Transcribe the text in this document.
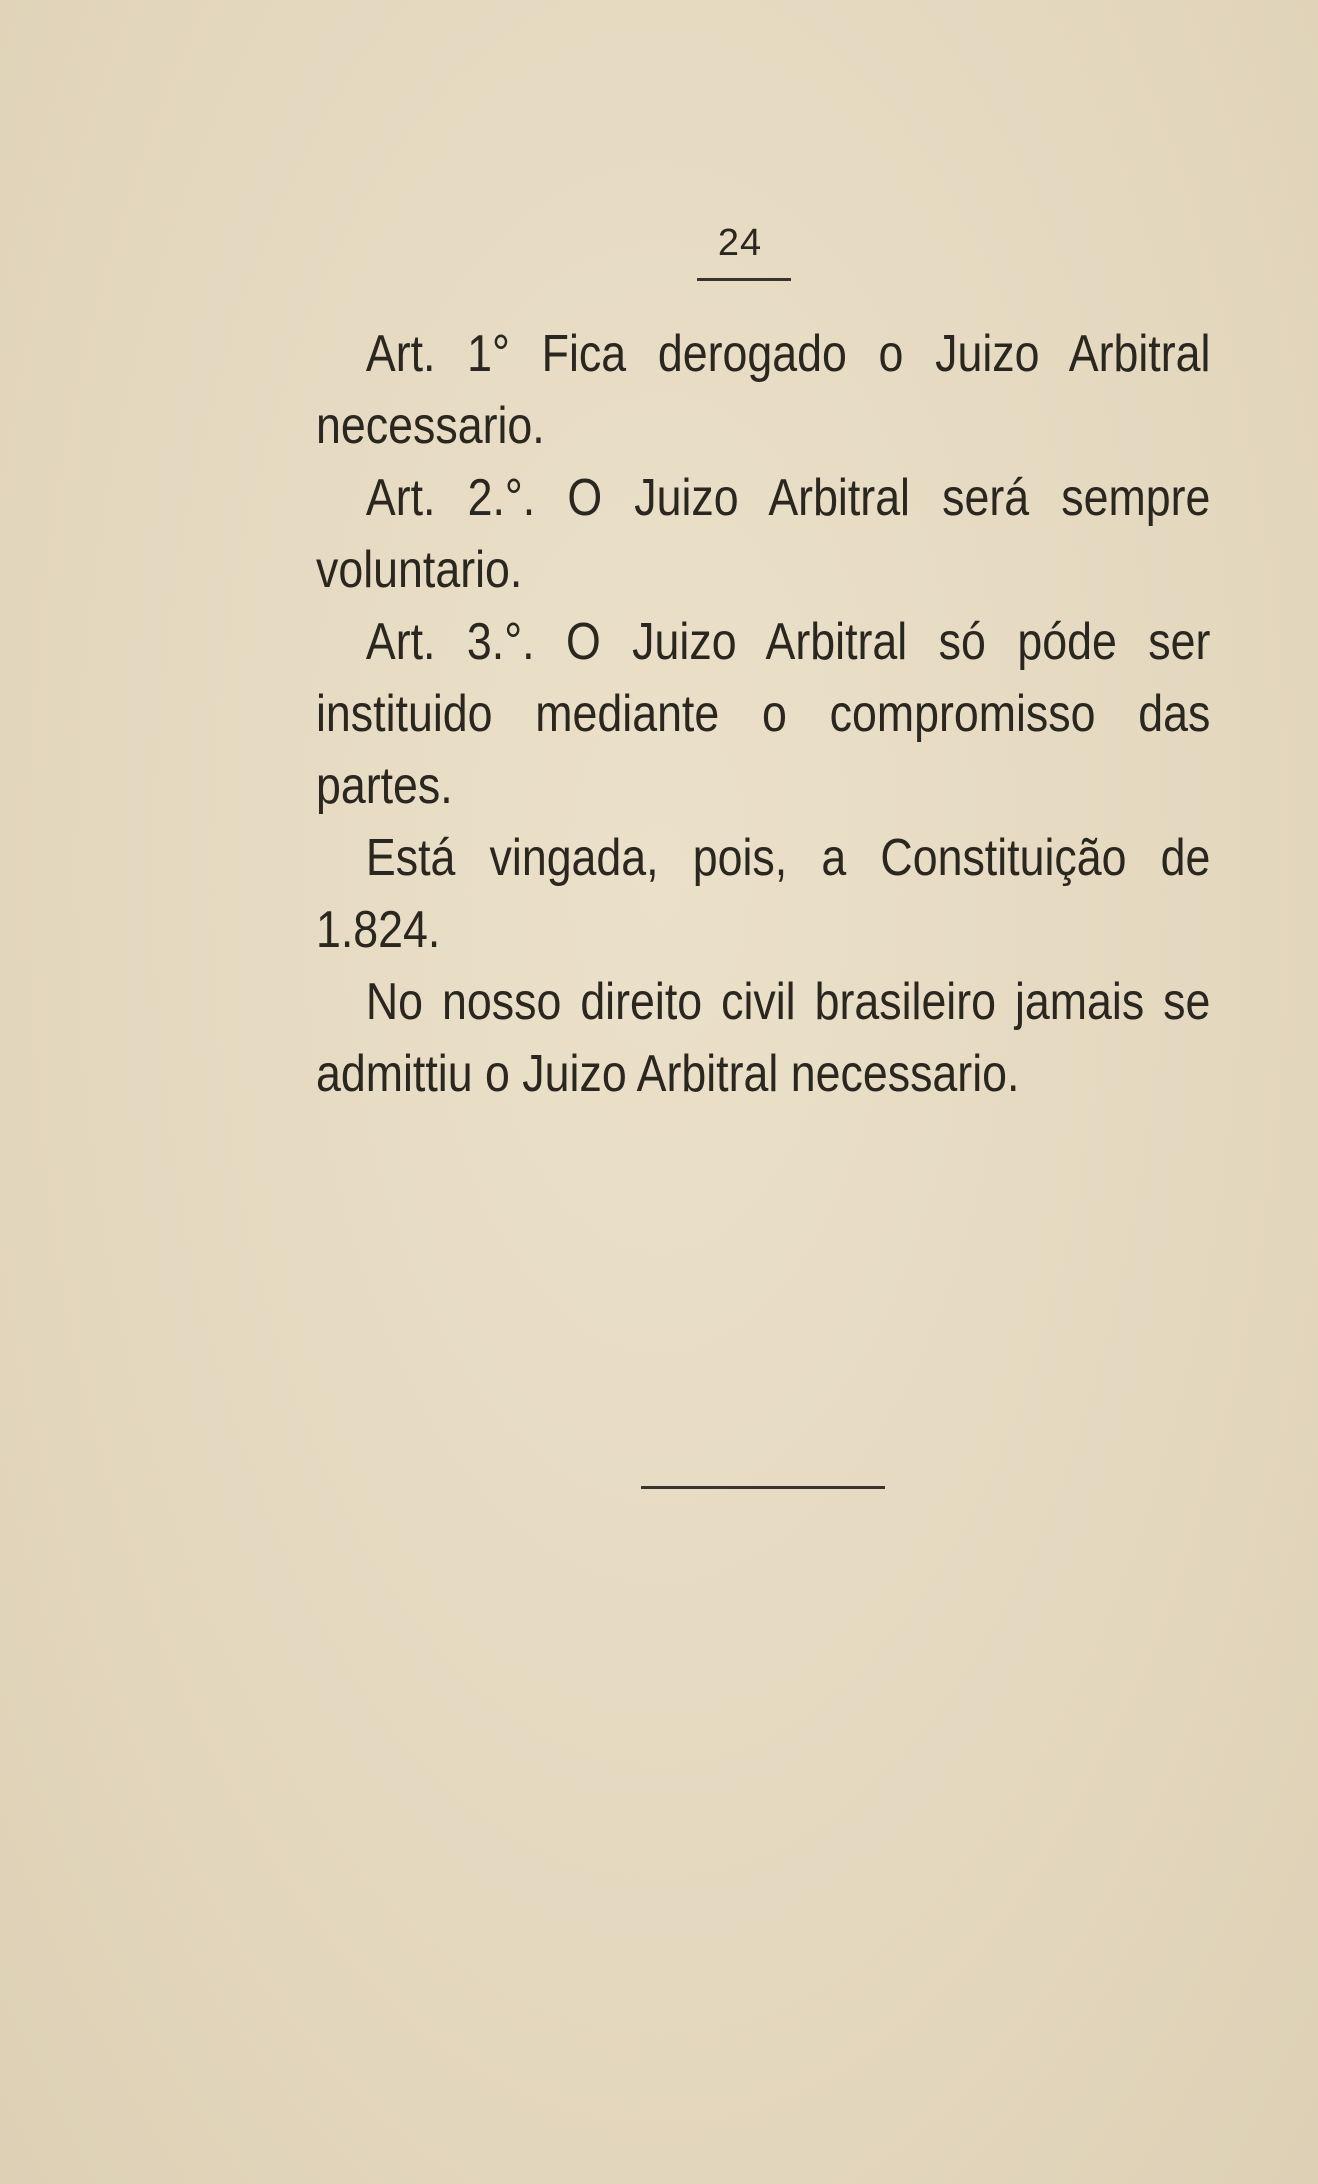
24

Art. 1° Fica derogado o Juizo Arbitral necessario.

Art. 2.°. O Juizo Arbitral será sempre voluntario.

Art. 3.°. O Juizo Arbitral só póde ser instituido mediante o compromisso das partes.

Está vingada, pois, a Constituição de 1.824.

No nosso direito civil brasileiro jamais se admittiu o Juizo Arbitral necessario.
